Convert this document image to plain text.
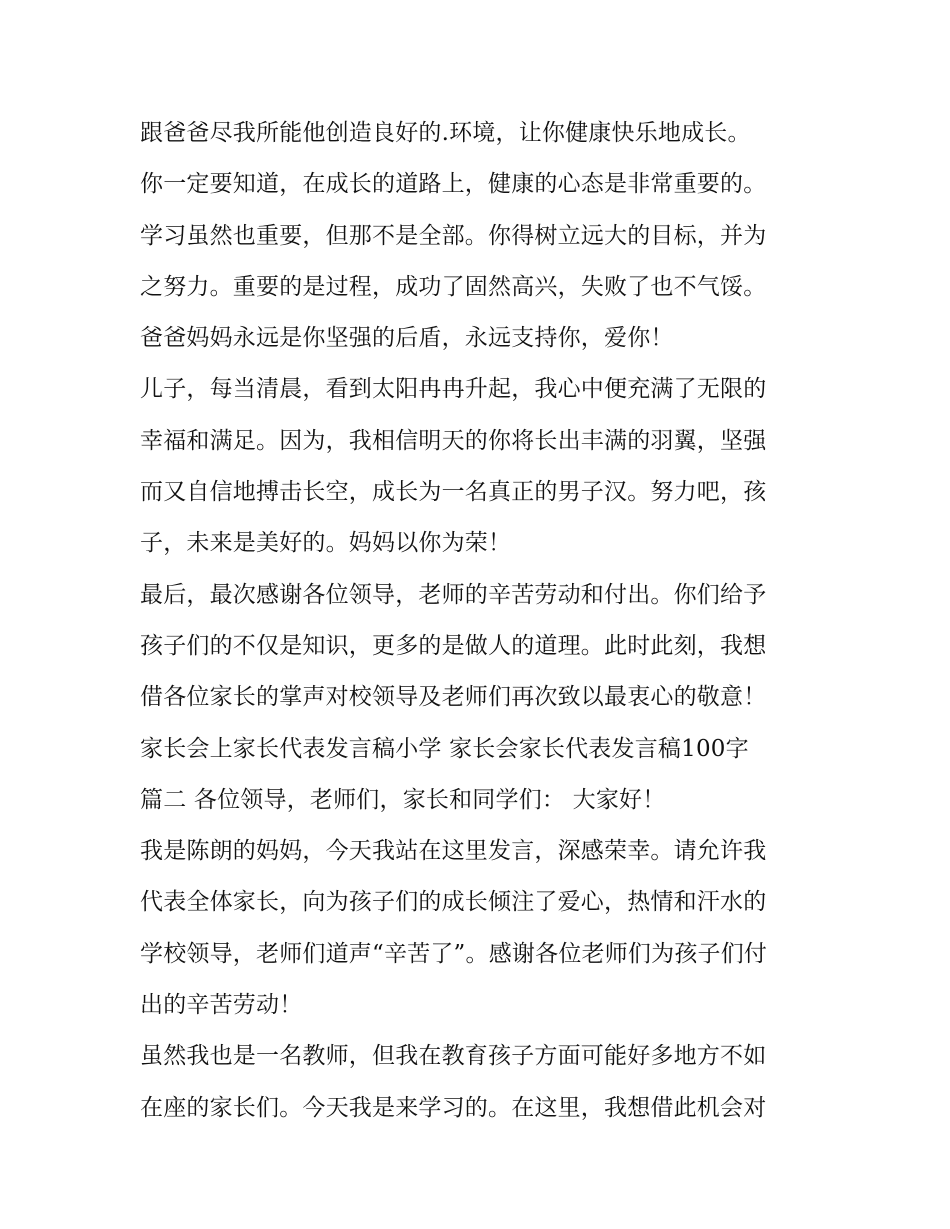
跟爸爸尽我所能他创造良好的.环境，让你健康快乐地成长。
你一定要知道，在成长的道路上，健康的心态是非常重要的。
学习虽然也重要，但那不是全部。你得树立远大的目标，并为
之努力。重要的是过程，成功了固然高兴，失败了也不气馁。
爸爸妈妈永远是你坚强的后盾，永远支持你，爱你！
儿子，每当清晨，看到太阳冉冉升起，我心中便充满了无限的
幸福和满足。因为，我相信明天的你将长出丰满的羽翼，坚强
而又自信地搏击长空，成长为一名真正的男子汉。努力吧，孩
子，未来是美好的。妈妈以你为荣！
最后，最次感谢各位领导，老师的辛苦劳动和付出。你们给予
孩子们的不仅是知识，更多的是做人的道理。此时此刻，我想
借各位家长的掌声对校领导及老师们再次致以最衷心的敬意！
家长会上家长代表发言稿小学 家长会家长代表发言稿100字
篇二 各位领导，老师们，家长和同学们： 大家好！
我是陈朗的妈妈，今天我站在这里发言，深感荣幸。请允许我
代表全体家长，向为孩子们的成长倾注了爱心，热情和汗水的
学校领导，老师们道声“辛苦了”。感谢各位老师们为孩子们付
出的辛苦劳动！
虽然我也是一名教师，但我在教育孩子方面可能好多地方不如
在座的家长们。今天我是来学习的。在这里，我想借此机会对
